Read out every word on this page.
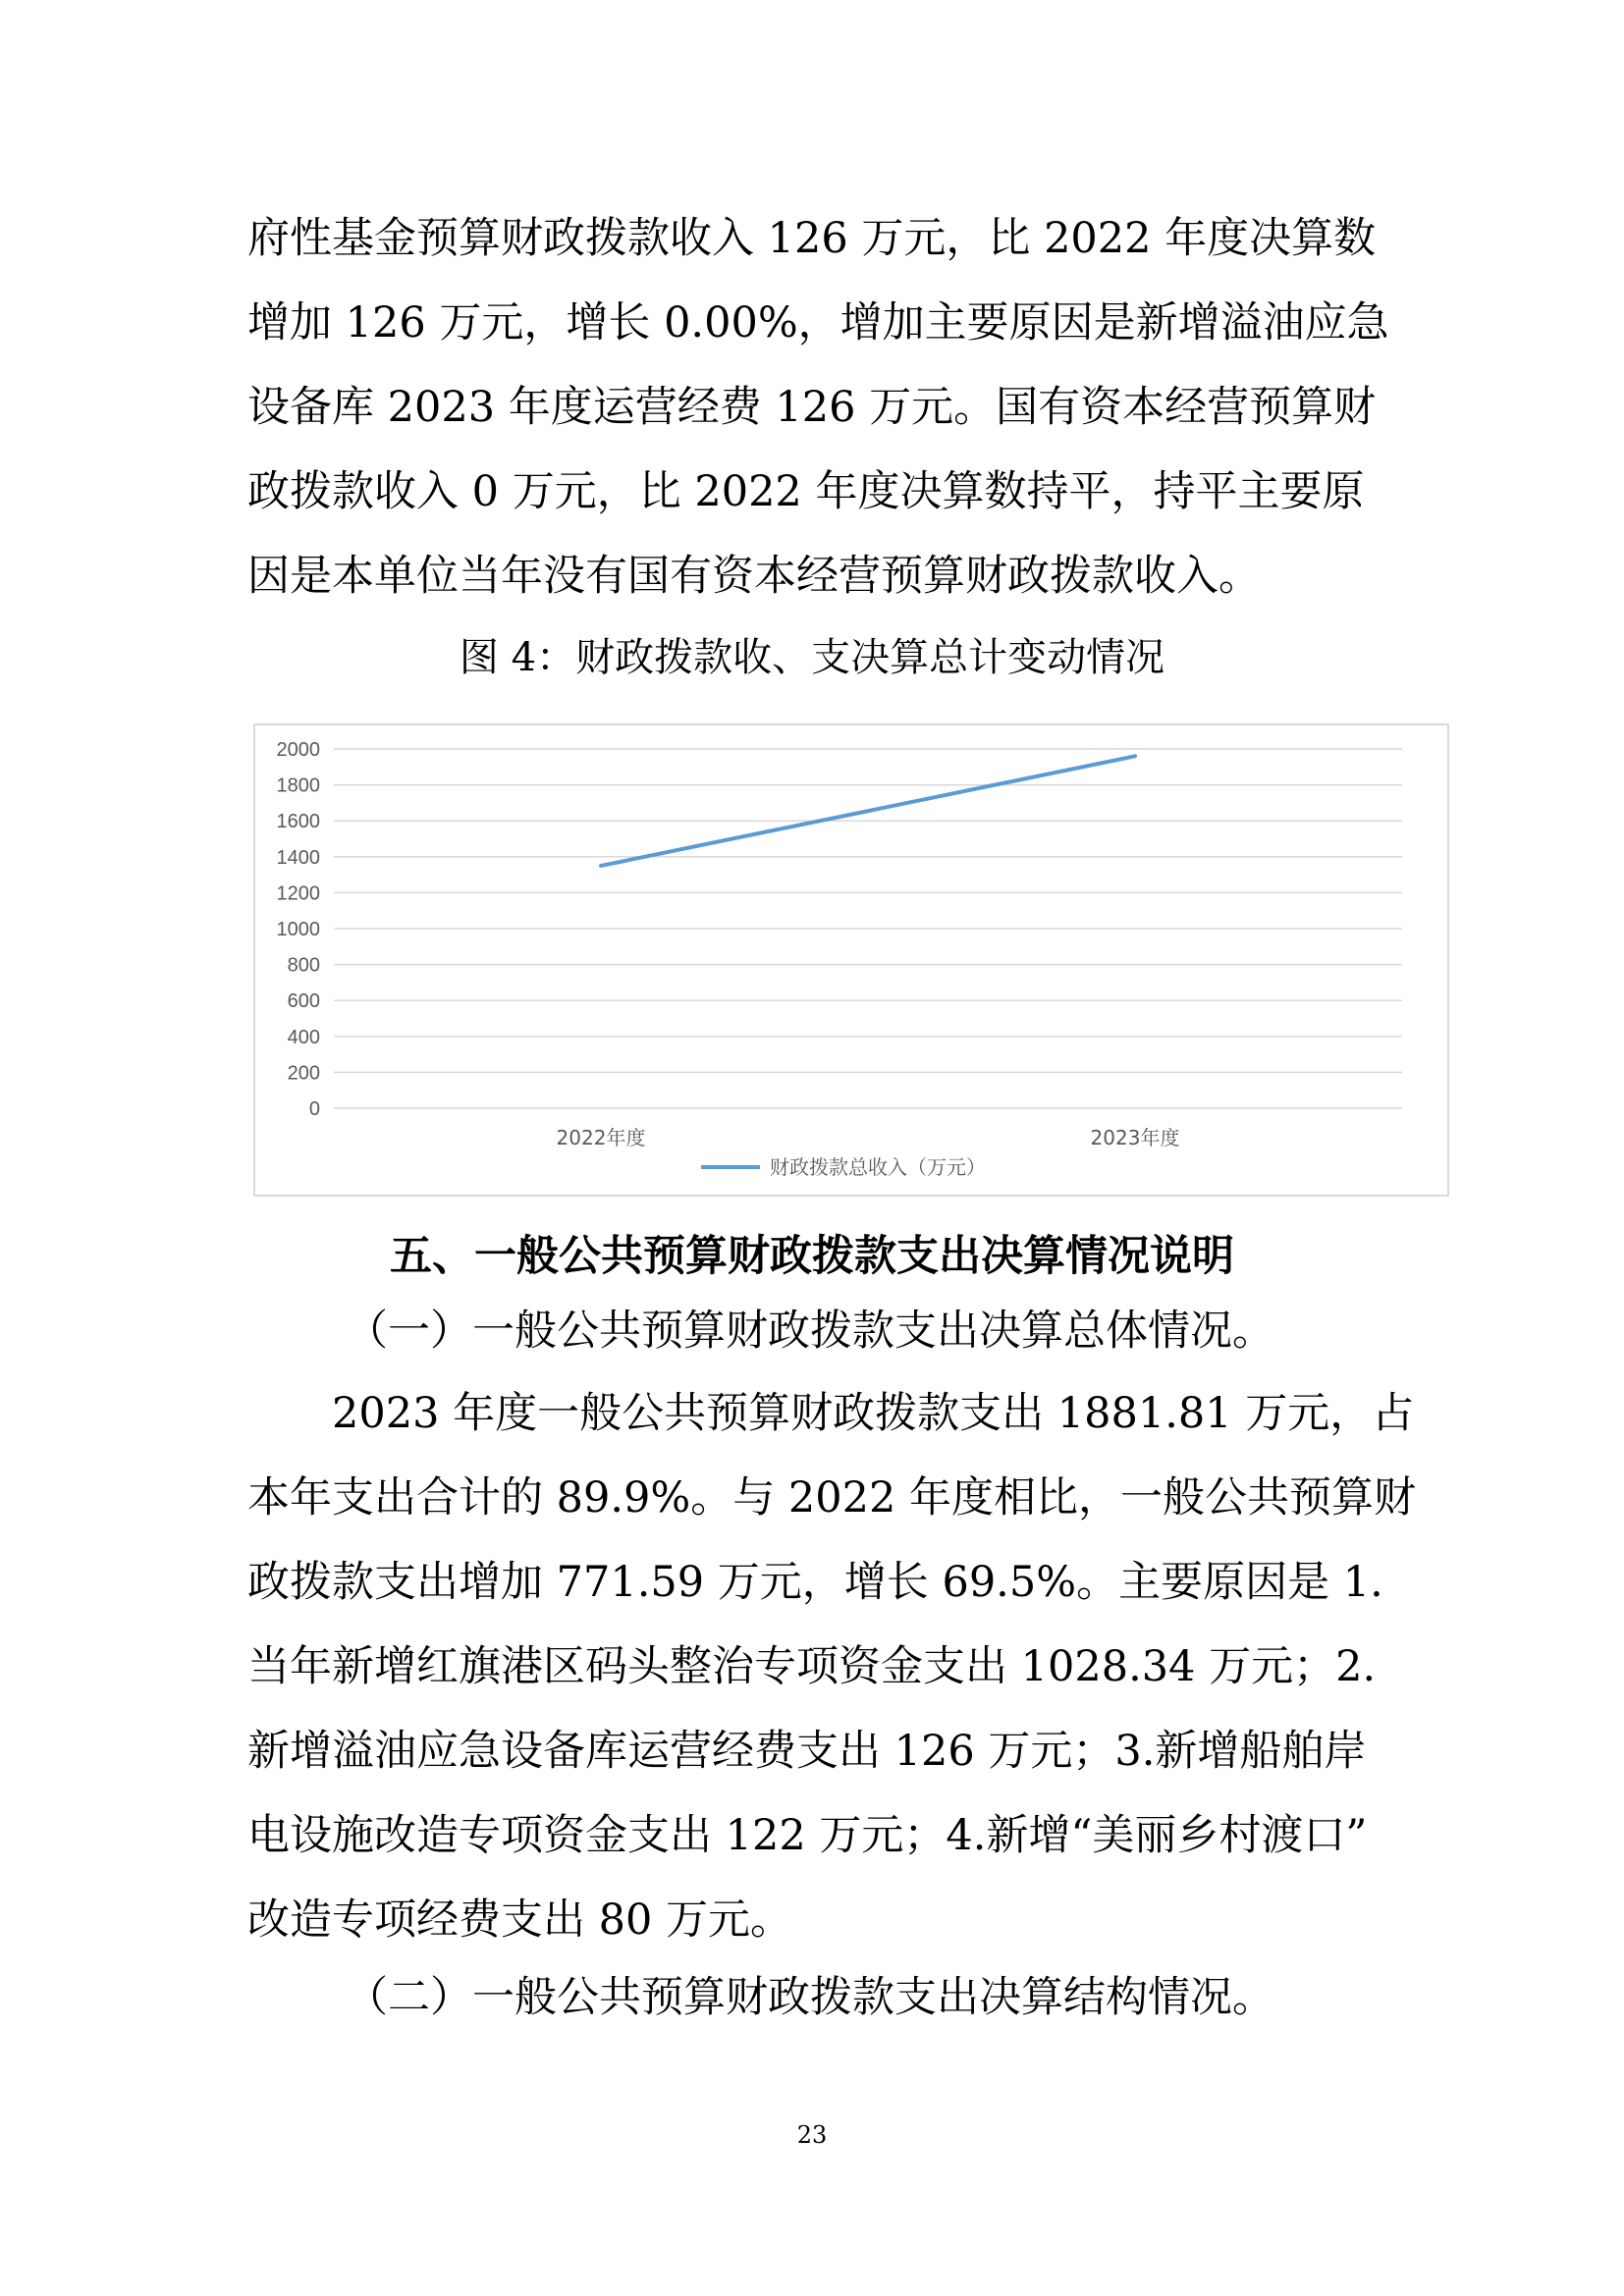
府性基金预算财政拨款收入 126 万元，比 2022 年度决算数
增加 126 万元，增长 0.00%，增加主要原因是新增溢油应急
设备库 2023 年度运营经费 126 万元。国有资本经营预算财
政拨款收入 0 万元，比 2022 年度决算数持平，持平主要原
因是本单位当年没有国有资本经营预算财政拨款收入。
图 4：财政拨款收、支决算总计变动情况
0
200
400
600
800
1000
1200
1400
1600
1800
2000
2022年度	2023年度
财政拨款总收入（万元）
五、一般公共预算财政拨款支出决算情况说明
（一）一般公共预算财政拨款支出决算总体情况。
2023 年度一般公共预算财政拨款支出 1881.81 万元，占
本年支出合计的 89.9%。与 2022 年度相比，一般公共预算财
政拨款支出增加 771.59 万元，增长 69.5%。主要原因是 1.
当年新增红旗港区码头整治专项资金支出 1028.34 万元；2.
新增溢油应急设备库运营经费支出 126 万元；3.新增船舶岸
电设施改造专项资金支出 122 万元；4.新增“美丽乡村渡口”
改造专项经费支出 80 万元。
（二）一般公共预算财政拨款支出决算结构情况。
23
